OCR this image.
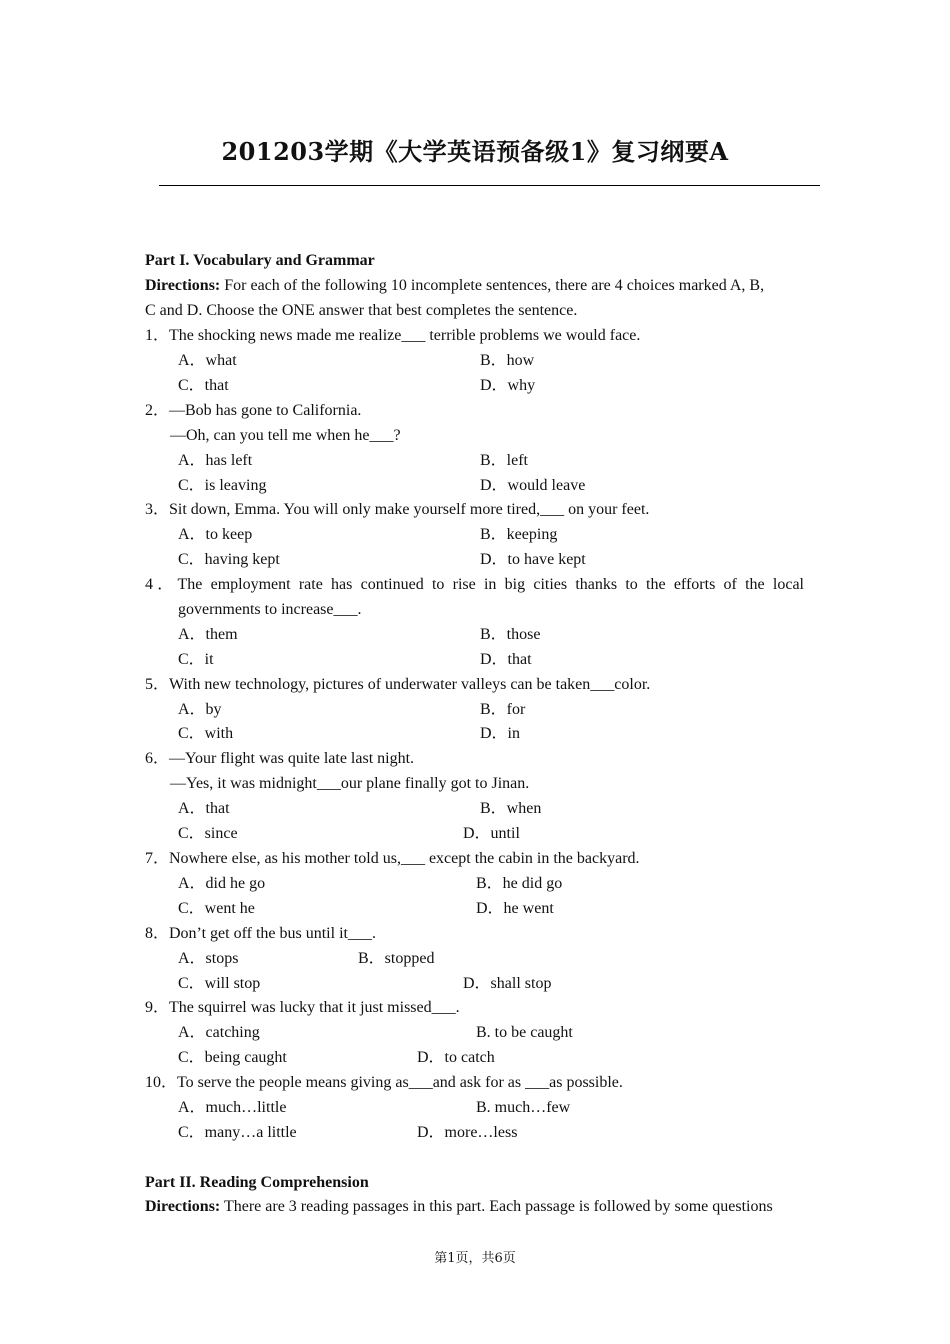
201203学期《大学英语预备级1》复习纲要A
Part I. Vocabulary and Grammar
Directions: For each of the following 10 incomplete sentences, there are 4 choices marked A, B,
C and D. Choose the ONE answer that best completes the sentence.
1．The shocking news made me realize___ terrible problems we would face.
A．what	B．how
C．that	D．why
2．—Bob has gone to California.
—Oh, can you tell me when he___?
A．has left	B．left
C．is leaving	D．would leave
3．Sit down, Emma. You will only make yourself more tired,___ on your feet.
A．to keep	B．keeping
C．having kept	D．to have kept
4．The employment rate has continued to rise in big cities thanks to the efforts of the local
governments to increase___.
A．them	B．those
C．it	D．that
5．With new technology, pictures of underwater valleys can be taken___color.
A．by	B．for
C．with	D．in
6．—Your flight was quite late last night.
—Yes, it was midnight___our plane finally got to Jinan.
A．that	B．when
C．since	D．until
7．Nowhere else, as his mother told us,___ except the cabin in the backyard.
A．did he go	B．he did go
C．went he	D．he went
8．Don’t get off the bus until it___.
A．stops	B．stopped
C．will stop	D．shall stop
9．The squirrel was lucky that it just missed___.
A．catching	B. to be caught
C．being caught	D．to catch
10．To serve the people means giving as___and ask for as ___as possible.
A．much…little	B. much…few
C．many…a little	D．more…less
Part II. Reading Comprehension
Directions: There are 3 reading passages in this part. Each passage is followed by some questions
第1页，共6页
